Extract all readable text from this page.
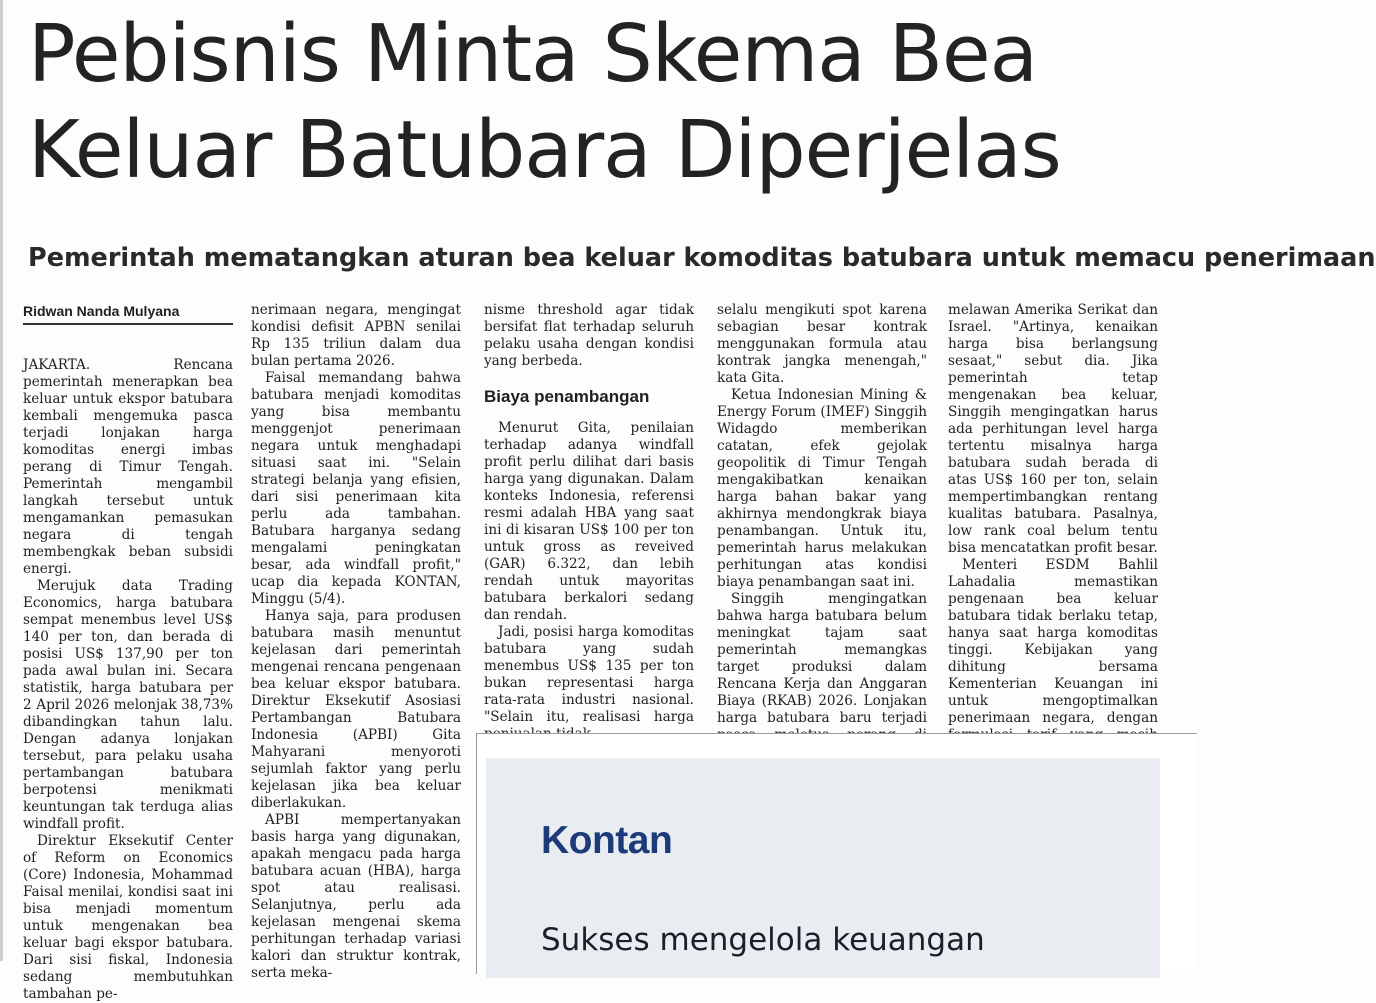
Pebisnis Minta Skema Bea
Keluar Batubara Diperjelas
Pemerintah mematangkan aturan bea keluar komoditas batubara untuk memacu penerimaan
Ridwan Nanda Mulyana

JAKARTA. Rencana pemerintah menerapkan bea keluar untuk ekspor batubara kembali mengemuka pasca terjadi lonjakan harga komoditas energi imbas perang di Timur Tengah. Pemerintah mengambil langkah tersebut untuk mengamankan pemasukan negara di tengah membengkak beban subsidi energi.

Merujuk data Trading Economics, harga batubara sempat menembus level US$ 140 per ton, dan berada di posisi US$ 137,90 per ton pada awal bulan ini. Secara statistik, harga batubara per 2 April 2026 melonjak 38,73% dibandingkan tahun lalu. Dengan adanya lonjakan tersebut, para pelaku usaha pertambangan batubara berpotensi menikmati keuntungan tak terduga alias windfall profit.

Direktur Eksekutif Center of Reform on Economics (Core) Indonesia, Mohammad Faisal menilai, kondisi saat ini bisa menjadi momentum untuk mengenakan bea keluar bagi ekspor batubara. Dari sisi fiskal, Indonesia sedang membutuhkan tambahan pe-

nerimaan negara, mengingat kondisi defisit APBN senilai Rp 135 triliun dalam dua bulan pertama 2026.

Faisal memandang bahwa batubara menjadi komoditas yang bisa membantu menggenjot penerimaan negara untuk menghadapi situasi saat ini. "Selain strategi belanja yang efisien, dari sisi penerimaan kita perlu ada tambahan. Batubara harganya sedang mengalami peningkatan besar, ada windfall profit," ucap dia kepada KONTAN, Minggu (5/4).

Hanya saja, para produsen batubara masih menuntut kejelasan dari pemerintah mengenai rencana pengenaan bea keluar ekspor batubara. Direktur Eksekutif Asosiasi Pertambangan Batubara Indonesia (APBI) Gita Mahyarani menyoroti sejumlah faktor yang perlu kejelasan jika bea keluar diberlakukan.

APBI mempertanyakan basis harga yang digunakan, apakah mengacu pada harga batubara acuan (HBA), harga spot atau realisasi. Selanjutnya, perlu ada kejelasan mengenai skema perhitungan terhadap variasi kalori dan struktur kontrak, serta meka-

nisme threshold agar tidak bersifat flat terhadap seluruh pelaku usaha dengan kondisi yang berbeda.

Biaya penambangan

Menurut Gita, penilaian terhadap adanya windfall profit perlu dilihat dari basis harga yang digunakan. Dalam konteks Indonesia, referensi resmi adalah HBA yang saat ini di kisaran US$ 100 per ton untuk gross as reveived (GAR) 6.322, dan lebih rendah untuk mayoritas batubara berkalori sedang dan rendah.

Jadi, posisi harga komoditas batubara yang sudah menembus US$ 135 per ton bukan representasi harga rata-rata industri nasional. "Selain itu, realisasi harga

selalu mengikuti spot karena sebagian besar kontrak menggunakan formula atau kontrak jangka menengah," kata Gita.

Ketua Indonesian Mining & Energy Forum (IMEF) Singgih Widagdo memberikan catatan, efek gejolak geopolitik di Timur Tengah mengakibatkan kenaikan harga bahan bakar yang akhirnya mendongkrak biaya penambangan. Untuk itu, pemerintah harus melakukan perhitungan atas kondisi biaya penambangan saat ini.

Singgih mengingatkan bahwa harga batubara belum meningkat tajam saat pemerintah memangkas target produksi dalam Rencana Kerja dan Anggaran Biaya (RKAB) 2026. Lonjakan harga batubara baru terjadi

melawan Amerika Serikat dan Israel. "Artinya, kenaikan harga bisa berlangsung sesaat," sebut dia. Jika pemerintah tetap mengenakan bea keluar, Singgih mengingatkan harus ada perhitungan level harga tertentu misalnya harga batubara sudah berada di atas US$ 160 per ton, selain mempertimbangkan rentang kualitas batubara. Pasalnya, low rank coal belum tentu bisa mencatatkan profit besar.

Menteri ESDM Bahlil Lahadalia memastikan pengenaan bea keluar batubara tidak berlaku tetap, hanya saat harga komoditas tinggi. Kebijakan yang dihitung bersama Kementerian Keuangan ini untuk mengoptimalkan penerimaan negara, dengan

Kontan
Sukses mengelola keuangan
